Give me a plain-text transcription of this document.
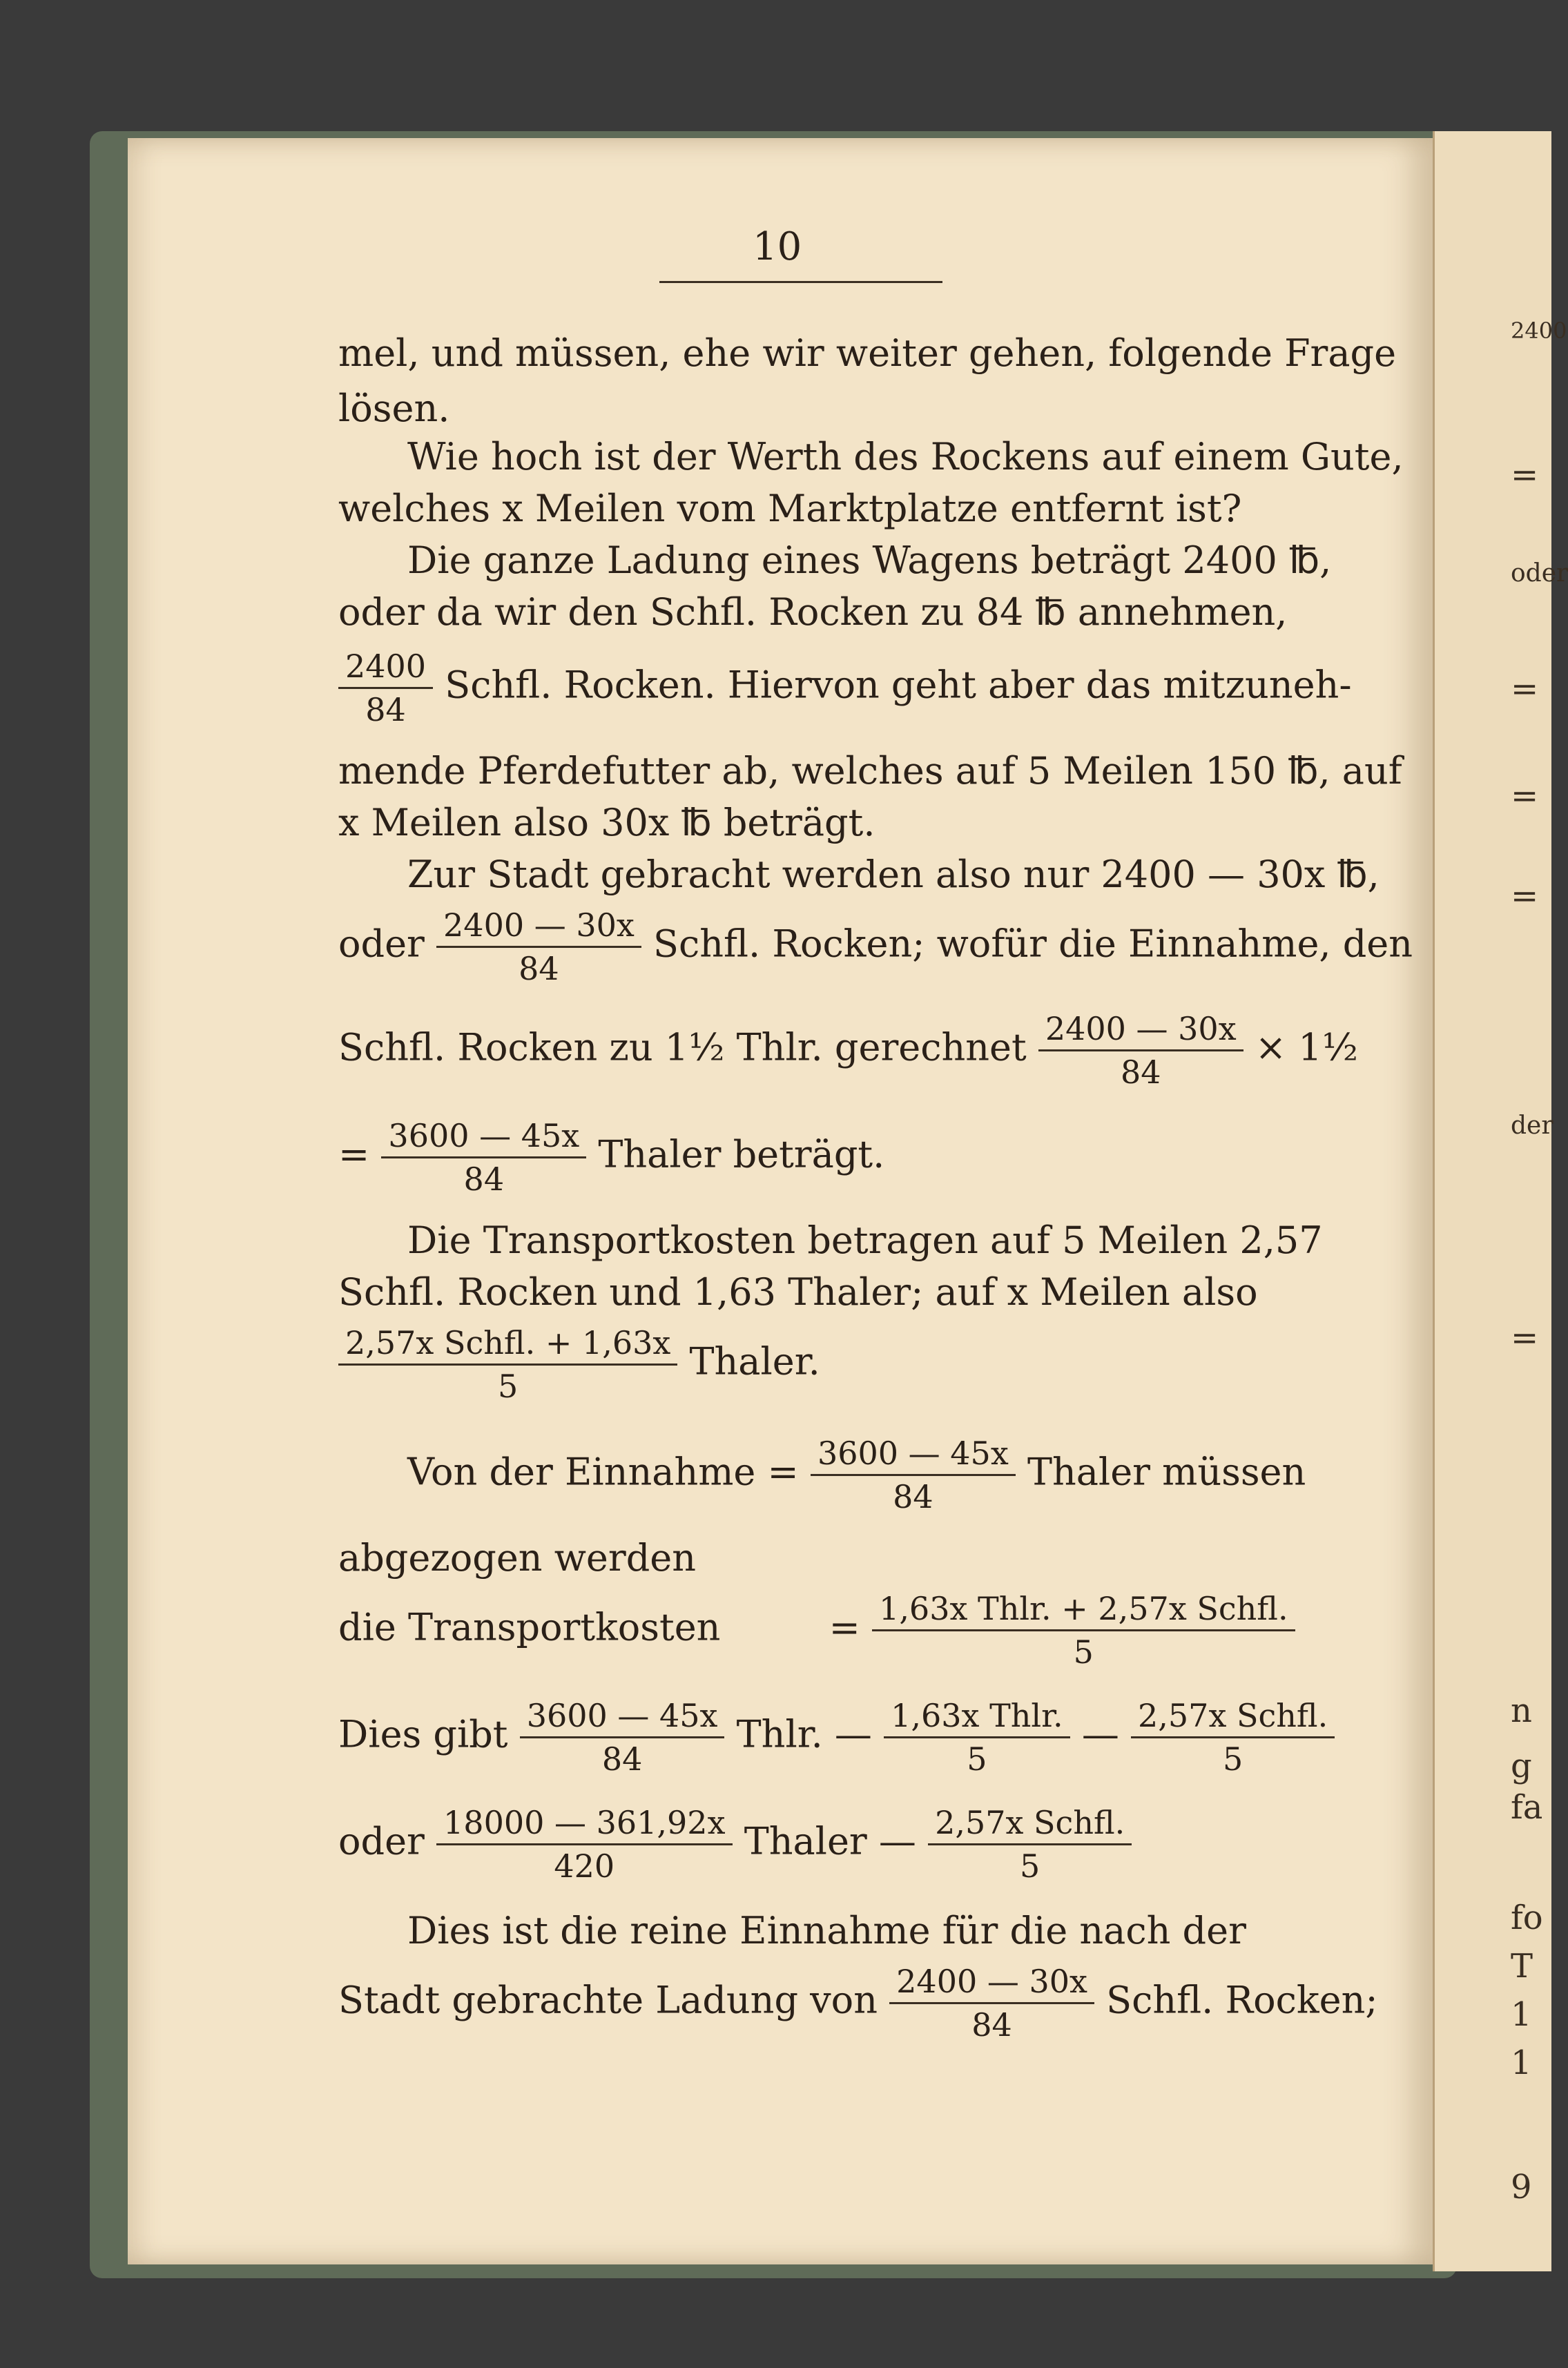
2400
=
oder
=
=
=
der
=
n
g
fa
fo
T
1
1
9
10
mel, und müssen, ehe wir weiter gehen, folgende Frage
lösen.
Wie hoch ist der Werth des Rockens auf einem Gute,
welches x Meilen vom Marktplatze entfernt ist?
Die ganze Ladung eines Wagens beträgt 2400 ℔,
oder da wir den Schfl. Rocken zu 84 ℔ annehmen,
$\frac{2400}{84}$ Schfl. Rocken. Hiervon geht aber das mitzuneh-
mende Pferdefutter ab, welches auf 5 Meilen 150 ℔, auf
x Meilen also 30x ℔ beträgt.
Zur Stadt gebracht werden also nur 2400 — 30x ℔,
oder $\frac{2400 — 30x}{84}$ Schfl. Rocken; wofür die Einnahme, den
Schfl. Rocken zu 1½ Thlr. gerechnet $\frac{2400 — 30x}{84}$ × 1½
= $\frac{3600 — 45x}{84}$ Thaler beträgt.
Die Transportkosten betragen auf 5 Meilen 2,57
Schfl. Rocken und 1,63 Thaler; auf x Meilen also
$\frac{\text{2,57x Schfl. + 1,63x}}{5}$ Thaler.
Von der Einnahme = $\frac{3600 — 45x}{84}$ Thaler müssen
abgezogen werden
die Transportkosten	= $\frac{\text{1,63x Thlr. + 2,57x Schfl.}}{5}$
Dies gibt $\frac{3600 — 45x}{84}$ Thlr. — $\frac{\text{1,63x Thlr.}}{5}$ — $\frac{\text{2,57x Schfl.}}{5}$
oder $\frac{18000 — 361,92x}{420}$ Thaler — $\frac{\text{2,57x Schfl.}}{5}$
Dies ist die reine Einnahme für die nach der
Stadt gebrachte Ladung von $\frac{2400 — 30x}{84}$ Schfl. Rocken;
